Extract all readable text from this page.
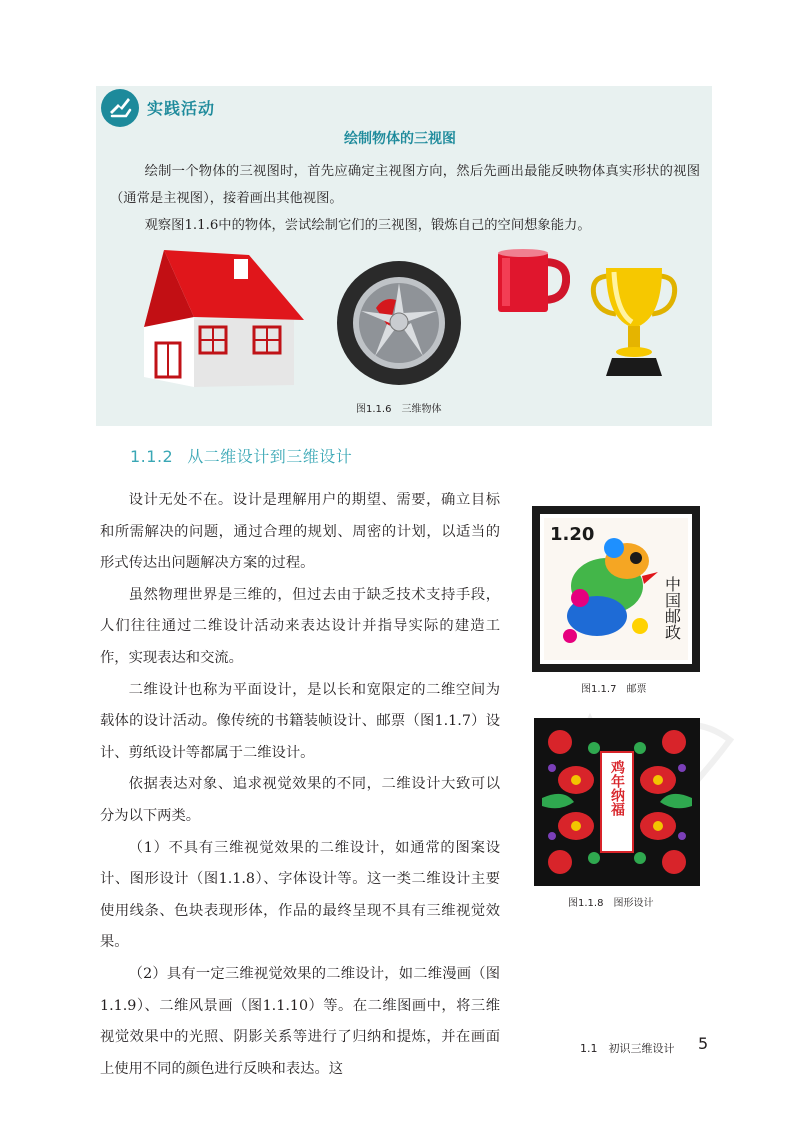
实践活动
绘制物体的三视图

绘制一个物体的三视图时，首先应确定主视图方向，然后先画出最能反映物体真实形状的视图（通常是主视图），接着画出其他视图。

观察图1.1.6中的物体，尝试绘制它们的三视图，锻炼自己的空间想象能力。

图1.1.6　三维物体
1.1.2 从二维设计到三维设计

设计无处不在。设计是理解用户的期望、需要，确立目标和所需解决的问题，通过合理的规划、周密的计划，以适当的形式传达出问题解决方案的过程。

虽然物理世界是三维的，但过去由于缺乏技术支持手段，人们往往通过二维设计活动来表达设计并指导实际的建造工作，实现表达和交流。

二维设计也称为平面设计，是以长和宽限定的二维空间为载体的设计活动。像传统的书籍装帧设计、邮票（图1.1.7）设计、剪纸设计等都属于二维设计。

依据表达对象、追求视觉效果的不同，二维设计大致可以分为以下两类。

（1）不具有三维视觉效果的二维设计，如通常的图案设计、图形设计（图1.1.8）、字体设计等。这一类二维设计主要使用线条、色块表现形体，作品的最终呈现不具有三维视觉效果。

（2）具有一定三维视觉效果的二维设计，如二维漫画（图1.1.9）、二维风景画（图1.1.10）等。在二维图画中，将三维视觉效果中的光照、阴影关系等进行了归纳和提炼，并在画面上使用不同的颜色进行反映和表达。这

1.20
中国邮政
图1.1.7　邮票
鸡年纳福
图1.1.8　图形设计
1.1　初识三维设计 5
